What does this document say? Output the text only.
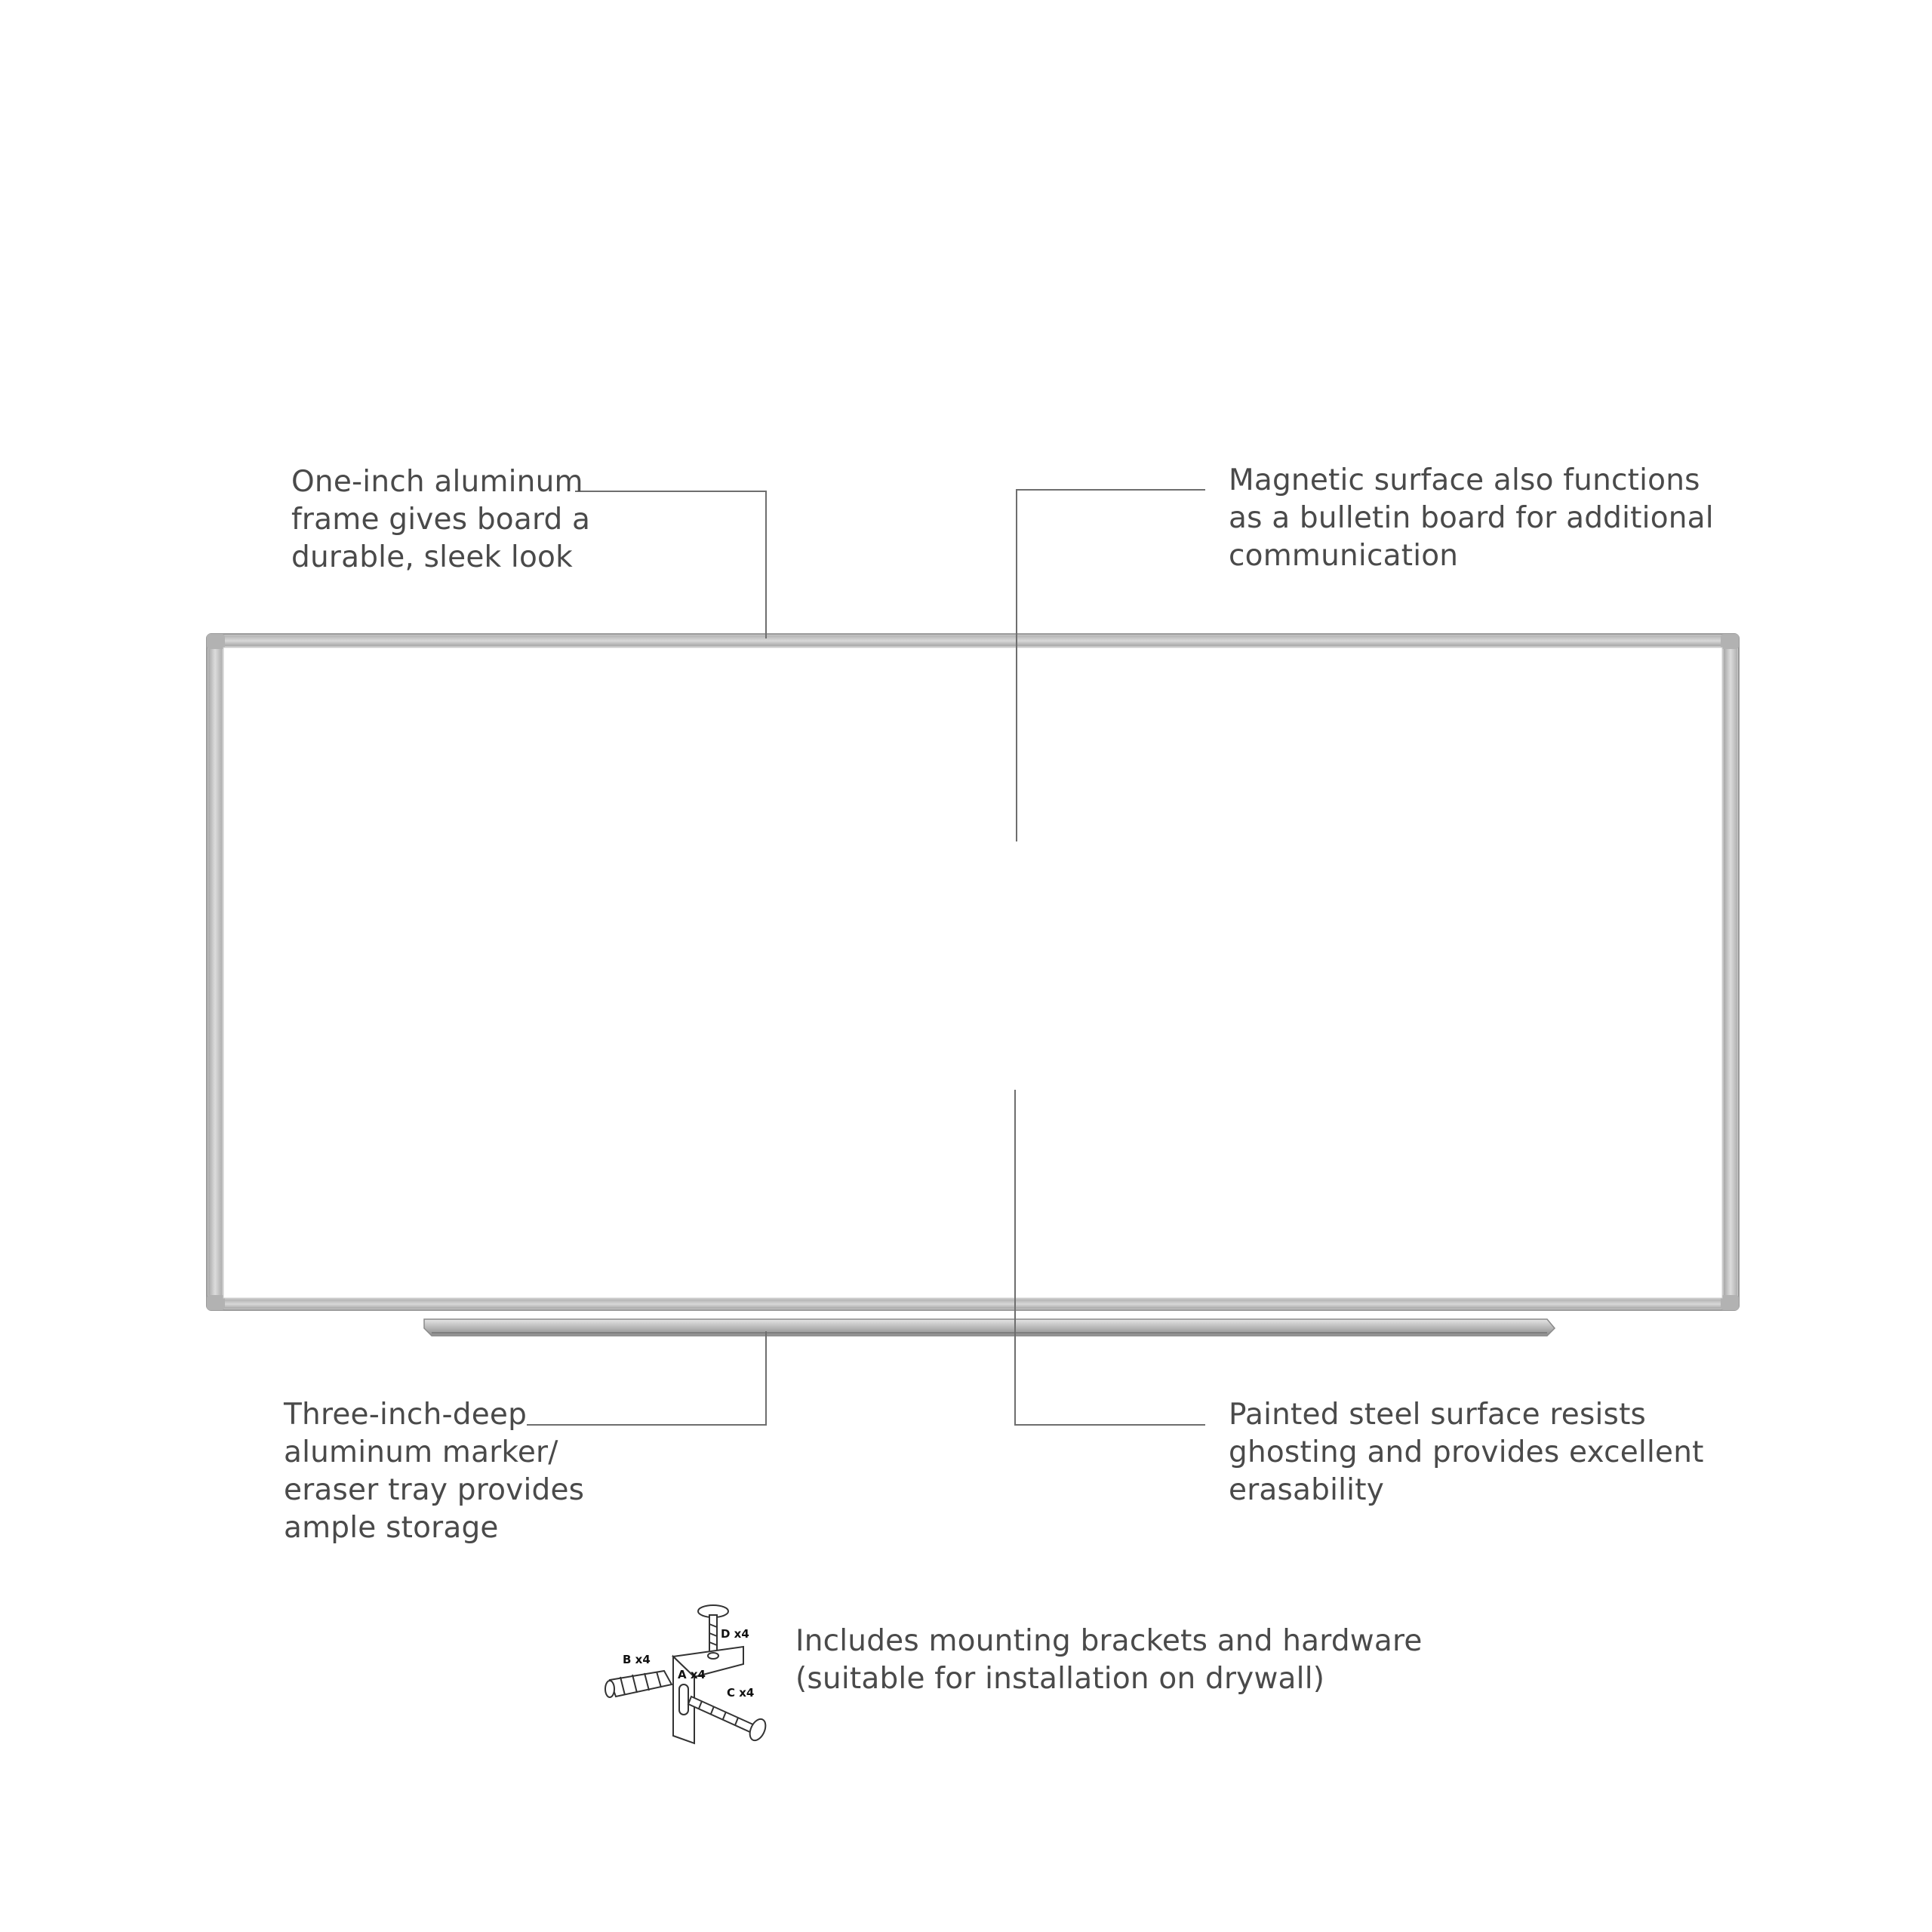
D x4
B x4
A x4
C x4

One-inch aluminum
frame gives board a
durable, sleek look

Magnetic surface also functions
as a bulletin board for additional
communication

Three-inch-deep
aluminum marker/
eraser tray provides
ample storage

Painted steel surface resists
ghosting and provides excellent
erasability

Includes mounting brackets and hardware
(suitable for installation on drywall)
